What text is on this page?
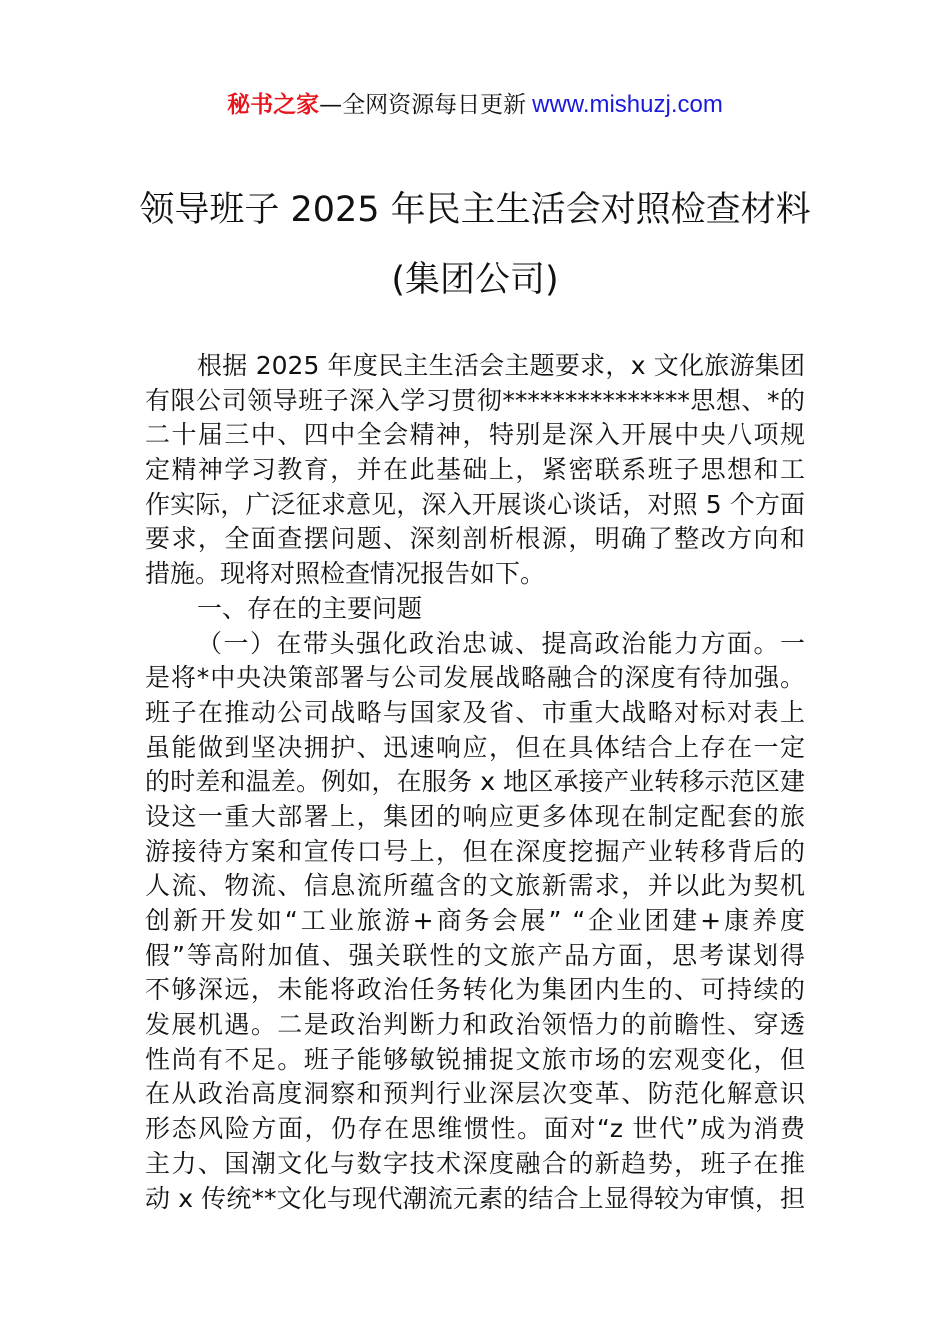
秘书之家—全网资源每日更新 www.mishuzj.com
领导班子 2025 年民主生活会对照检查材料
(集团公司)
根据 2025 年度民主生活会主题要求，x 文化旅游集团
有限公司领导班子深入学习贯彻***************思想、*的
二十届三中、四中全会精神，特别是深入开展中央八项规
定精神学习教育，并在此基础上，紧密联系班子思想和工
作实际，广泛征求意见，深入开展谈心谈话，对照 5 个方面
要求，全面查摆问题、深刻剖析根源，明确了整改方向和
措施。现将对照检查情况报告如下。
一、存在的主要问题
（一）在带头强化政治忠诚、提高政治能力方面。一
是将*中央决策部署与公司发展战略融合的深度有待加强。
班子在推动公司战略与国家及省、市重大战略对标对表上
虽能做到坚决拥护、迅速响应，但在具体结合上存在一定
的时差和温差。例如，在服务 x 地区承接产业转移示范区建
设这一重大部署上，集团的响应更多体现在制定配套的旅
游接待方案和宣传口号上，但在深度挖掘产业转移背后的
人流、物流、信息流所蕴含的文旅新需求，并以此为契机
创新开发如“工业旅游+商务会展” “企业团建+康养度
假”等高附加值、强关联性的文旅产品方面，思考谋划得
不够深远，未能将政治任务转化为集团内生的、可持续的
发展机遇。二是政治判断力和政治领悟力的前瞻性、穿透
性尚有不足。班子能够敏锐捕捉文旅市场的宏观变化，但
在从政治高度洞察和预判行业深层次变革、防范化解意识
形态风险方面，仍存在思维惯性。面对“z 世代”成为消费
主力、国潮文化与数字技术深度融合的新趋势，班子在推
动 x 传统**文化与现代潮流元素的结合上显得较为审慎，担
